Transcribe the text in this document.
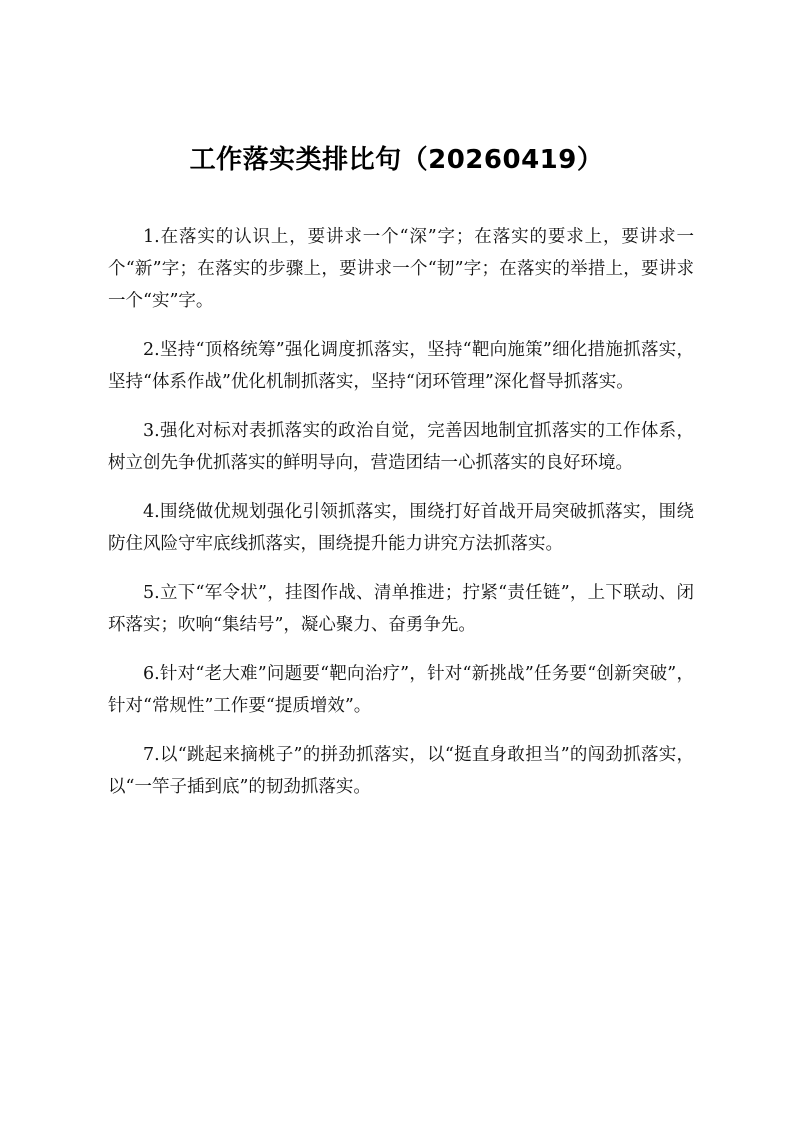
工作落实类排比句（20260419）

1.在落实的认识上，要讲求一个“深”字；在落实的要求上，要讲求一个“新”字；在落实的步骤上，要讲求一个“韧”字；在落实的举措上，要讲求一个“实”字。

2.坚持“顶格统筹”强化调度抓落实，坚持“靶向施策”细化措施抓落实，坚持“体系作战”优化机制抓落实，坚持“闭环管理”深化督导抓落实。

3.强化对标对表抓落实的政治自觉，完善因地制宜抓落实的工作体系，树立创先争优抓落实的鲜明导向，营造团结一心抓落实的良好环境。

4.围绕做优规划强化引领抓落实，围绕打好首战开局突破抓落实，围绕防住风险守牢底线抓落实，围绕提升能力讲究方法抓落实。

5.立下“军令状”，挂图作战、清单推进；拧紧“责任链”，上下联动、闭环落实；吹响“集结号”，凝心聚力、奋勇争先。

6.针对“老大难”问题要“靶向治疗”，针对“新挑战”任务要“创新突破”，针对“常规性”工作要“提质增效”。

7.以“跳起来摘桃子”的拼劲抓落实，以“挺直身敢担当”的闯劲抓落实，以“一竿子插到底”的韧劲抓落实。
